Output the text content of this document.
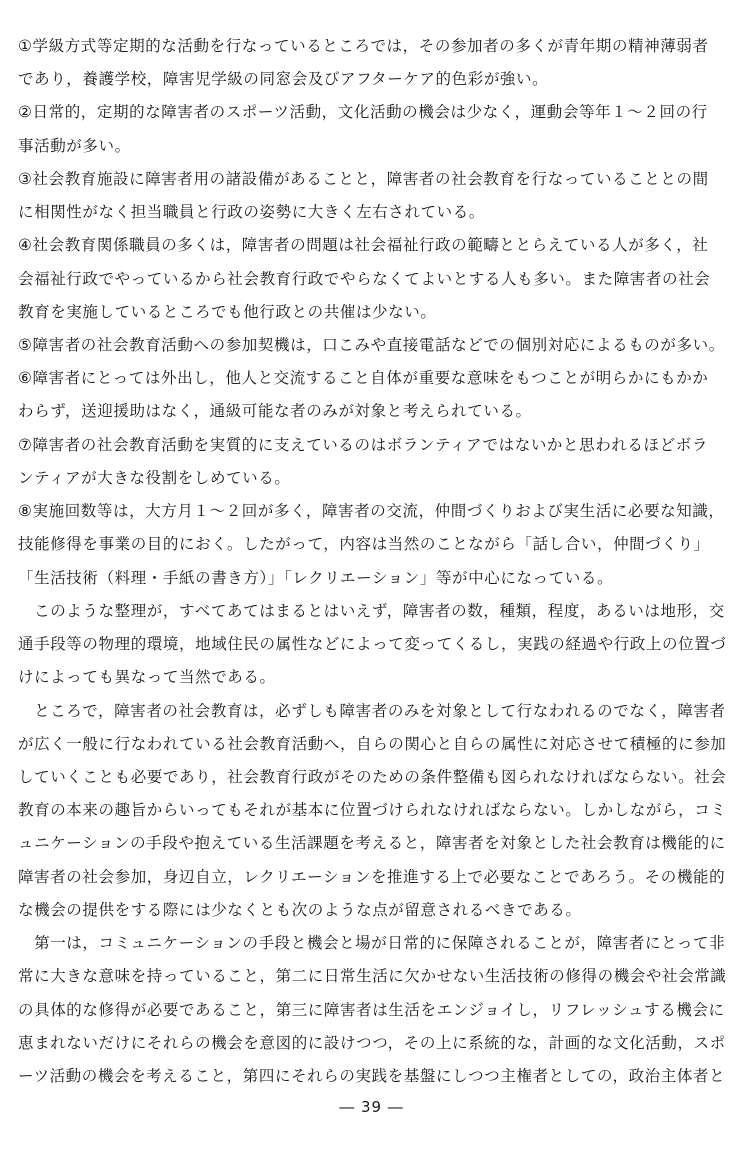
①学級方式等定期的な活動を行なっているところでは，その参加者の多くが青年期の精神薄弱者

であり，養護学校，障害児学級の同窓会及びアフターケア的色彩が強い。

②日常的，定期的な障害者のスポーツ活動，文化活動の機会は少なく，運動会等年１～２回の行

事活動が多い。

③社会教育施設に障害者用の諸設備があることと，障害者の社会教育を行なっていることとの間

に相関性がなく担当職員と行政の姿勢に大きく左右されている。

④社会教育関係職員の多くは，障害者の問題は社会福祉行政の範疇ととらえている人が多く，社

会福祉行政でやっているから社会教育行政でやらなくてよいとする人も多い。また障害者の社会

教育を実施しているところでも他行政との共催は少ない。

⑤障害者の社会教育活動への参加契機は，口こみや直接電話などでの個別対応によるものが多い。

⑥障害者にとっては外出し，他人と交流すること自体が重要な意味をもつことが明らかにもかか

わらず，送迎援助はなく，通級可能な者のみが対象と考えられている。

⑦障害者の社会教育活動を実質的に支えているのはボランティアではないかと思われるほどボラ

ンティアが大きな役割をしめている。

⑧実施回数等は，大方月１～２回が多く，障害者の交流，仲間づくりおよび実生活に必要な知識，

技能修得を事業の目的におく。したがって，内容は当然のことながら「話し合い，仲間づくり」

「生活技術（料理・手紙の書き方）」「レクリエーション」等が中心になっている。

　このような整理が，すべてあてはまるとはいえず，障害者の数，種類，程度，あるいは地形，交

通手段等の物理的環境，地域住民の属性などによって変ってくるし，実践の経過や行政上の位置づ

けによっても異なって当然である。

　ところで，障害者の社会教育は，必ずしも障害者のみを対象として行なわれるのでなく，障害者

が広く一般に行なわれている社会教育活動へ，自らの関心と自らの属性に対応させて積極的に参加

していくことも必要であり，社会教育行政がそのための条件整備も図られなければならない。社会

教育の本来の趣旨からいってもそれが基本に位置づけられなければならない。しかしながら，コミ

ュニケーションの手段や抱えている生活課題を考えると，障害者を対象とした社会教育は機能的に

障害者の社会参加，身辺自立，レクリエーションを推進する上で必要なことであろう。その機能的

な機会の提供をする際には少なくとも次のような点が留意されるべきである。

　第一は，コミュニケーションの手段と機会と場が日常的に保障されることが，障害者にとって非

常に大きな意味を持っていること，第二に日常生活に欠かせない生活技術の修得の機会や社会常識

の具体的な修得が必要であること，第三に障害者は生活をエンジョイし，リフレッシュする機会に

恵まれないだけにそれらの機会を意図的に設けつつ，その上に系統的な，計画的な文化活動，スポ

ーツ活動の機会を考えること，第四にそれらの実践を基盤にしつつ主権者としての，政治主体者と

― 39 ―
